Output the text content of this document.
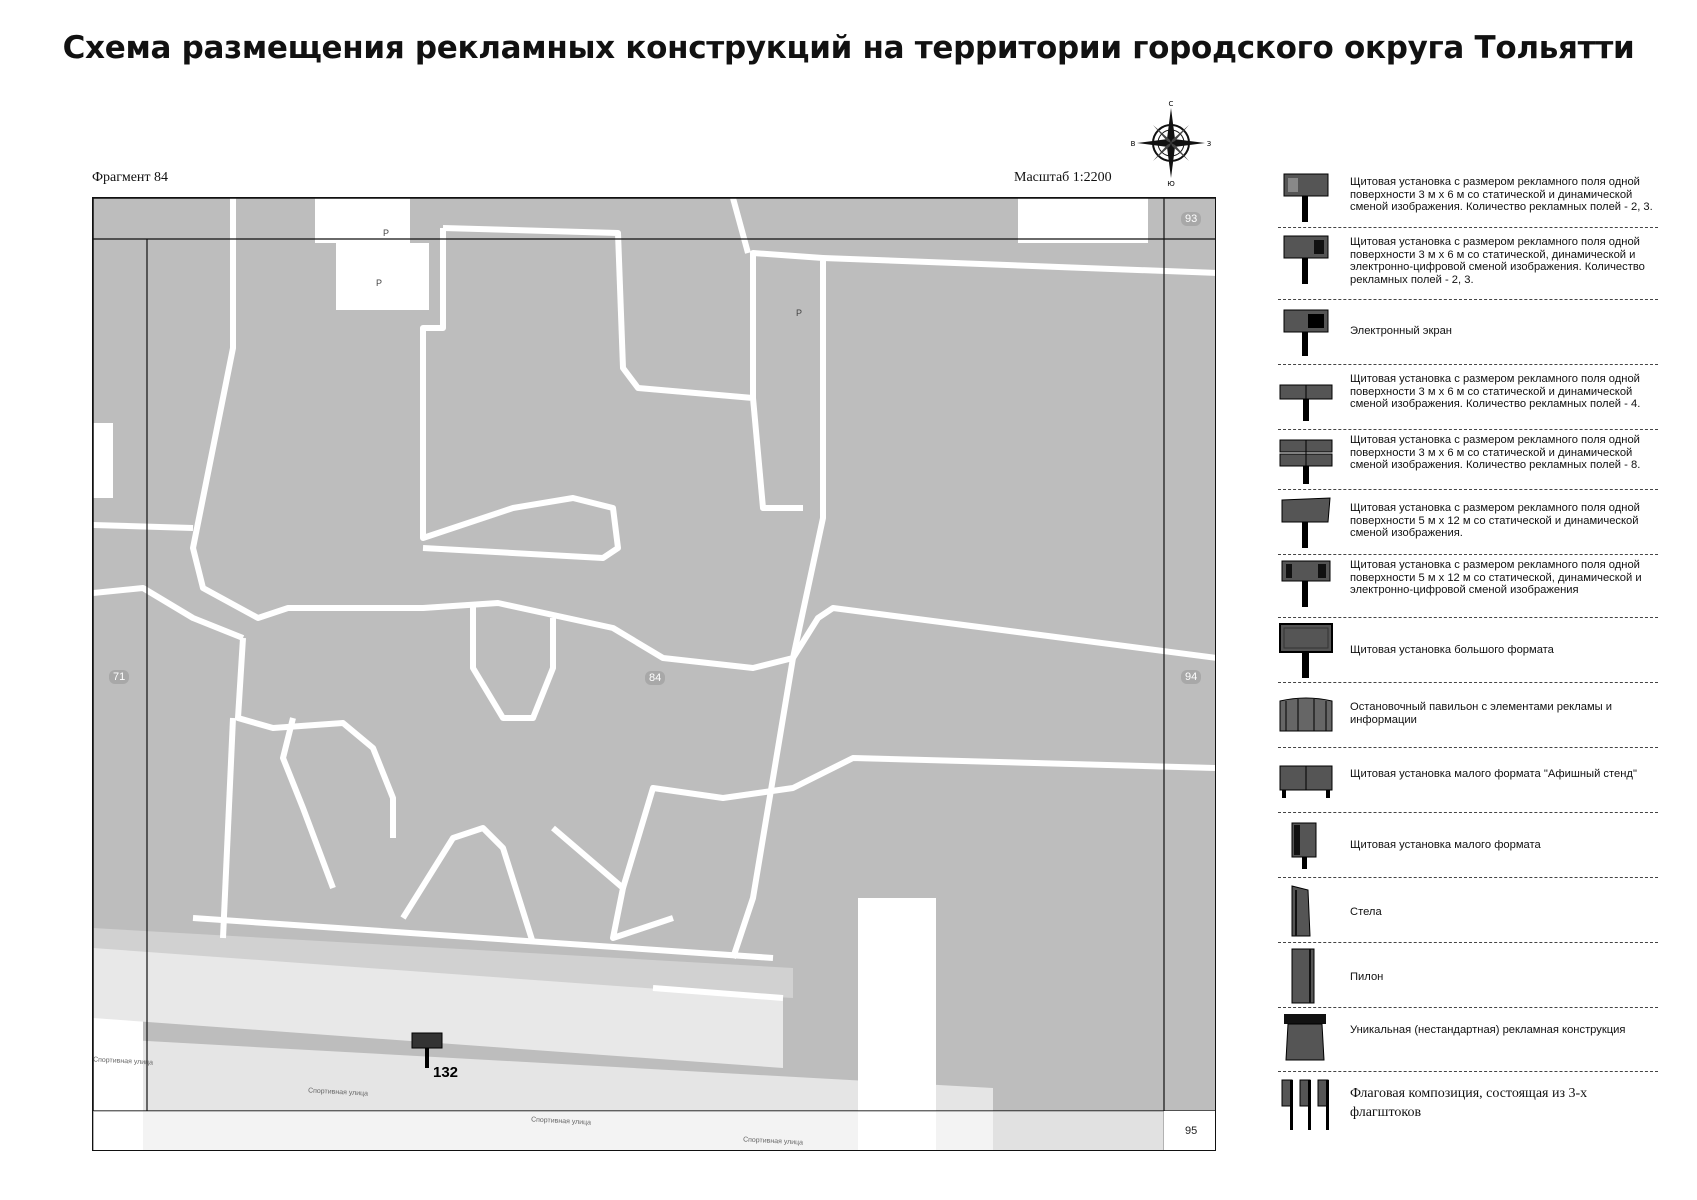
Схема размещения рекламных конструкций на территории городского округа Тольятти
Фрагмент 84	Масштаб 1:2200
С
Ю
В	З
93
94
71	84
95
P
P
P
Спортивная улица
Спортивная улица
Спортивная улица
Спортивная улица
132
Щитовая установка с размером рекламного поля одной поверхности 3 м х 6 м со статической и динамической сменой изображения. Количество рекламных полей - 2, 3.
Щитовая установка с размером рекламного поля одной поверхности 3 м х 6 м со статической, динамической и электронно-цифровой сменой изображения. Количество рекламных полей - 2, 3.
Электронный экран
Щитовая установка с размером рекламного поля одной поверхности 3 м х 6 м со статической и динамической сменой изображения. Количество рекламных полей - 4.
Щитовая установка с размером рекламного поля одной поверхности 3 м х 6 м со статической и динамической сменой изображения. Количество рекламных полей - 8.
Щитовая установка с размером рекламного поля одной поверхности 5 м х 12 м со статической и динамической сменой изображения.
Щитовая установка с размером рекламного поля одной поверхности 5 м х 12 м со статической, динамической и электронно-цифровой сменой изображения
Щитовая установка большого формата
Остановочный павильон с элементами рекламы и информации
Щитовая установка малого формата "Афишный стенд"
Щитовая установка малого формата
Стела
Пилон
Уникальная (нестандартная) рекламная конструкция
Флаговая композиция, состоящая из 3-х флагштоков
